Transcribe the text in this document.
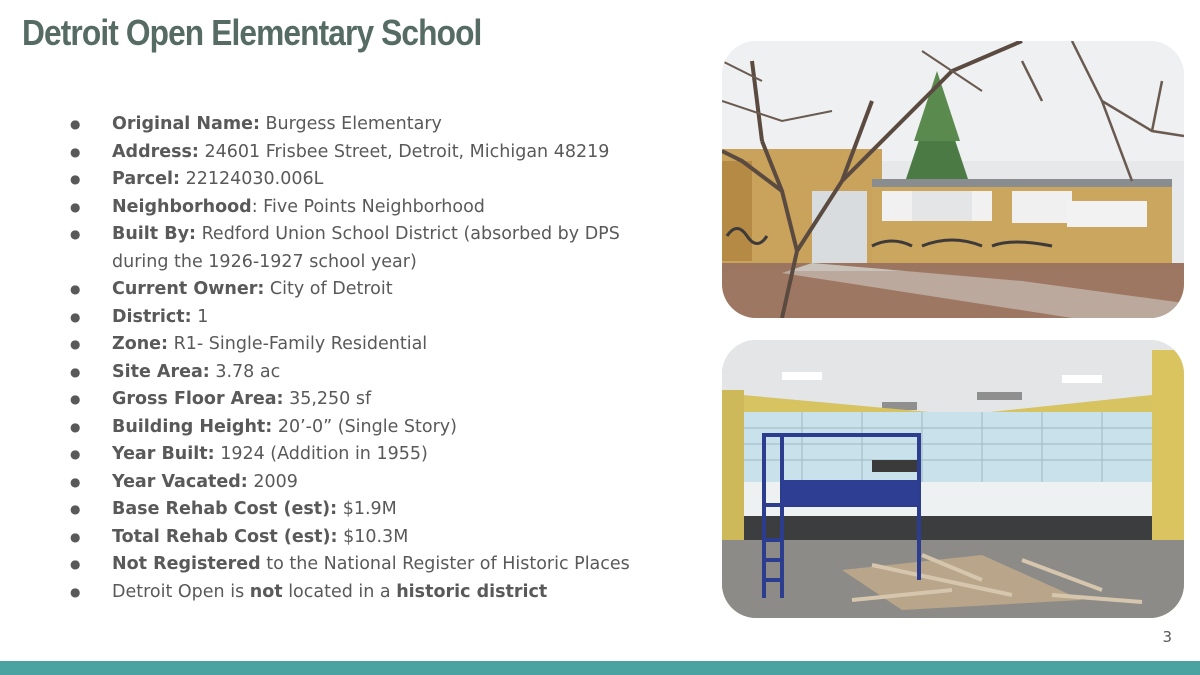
Detroit Open Elementary School
● Original Name: Burgess Elementary
● Address: 24601 Frisbee Street, Detroit, Michigan 48219
● Parcel: 22124030.006L
● Neighborhood: Five Points Neighborhood
● Built By: Redford Union School District (absorbed by DPS during the 1926-1927 school year)
● Current Owner: City of Detroit
● District: 1
● Zone: R1- Single-Family Residential
● Site Area: 3.78 ac
● Gross Floor Area: 35,250 sf
● Building Height: 20’-0” (Single Story)
● Year Built: 1924 (Addition in 1955)
● Year Vacated: 2009
● Base Rehab Cost (est): $1.9M
● Total Rehab Cost (est): $10.3M
● Not Registered to the National Register of Historic Places
● Detroit Open is not located in a historic district
3
